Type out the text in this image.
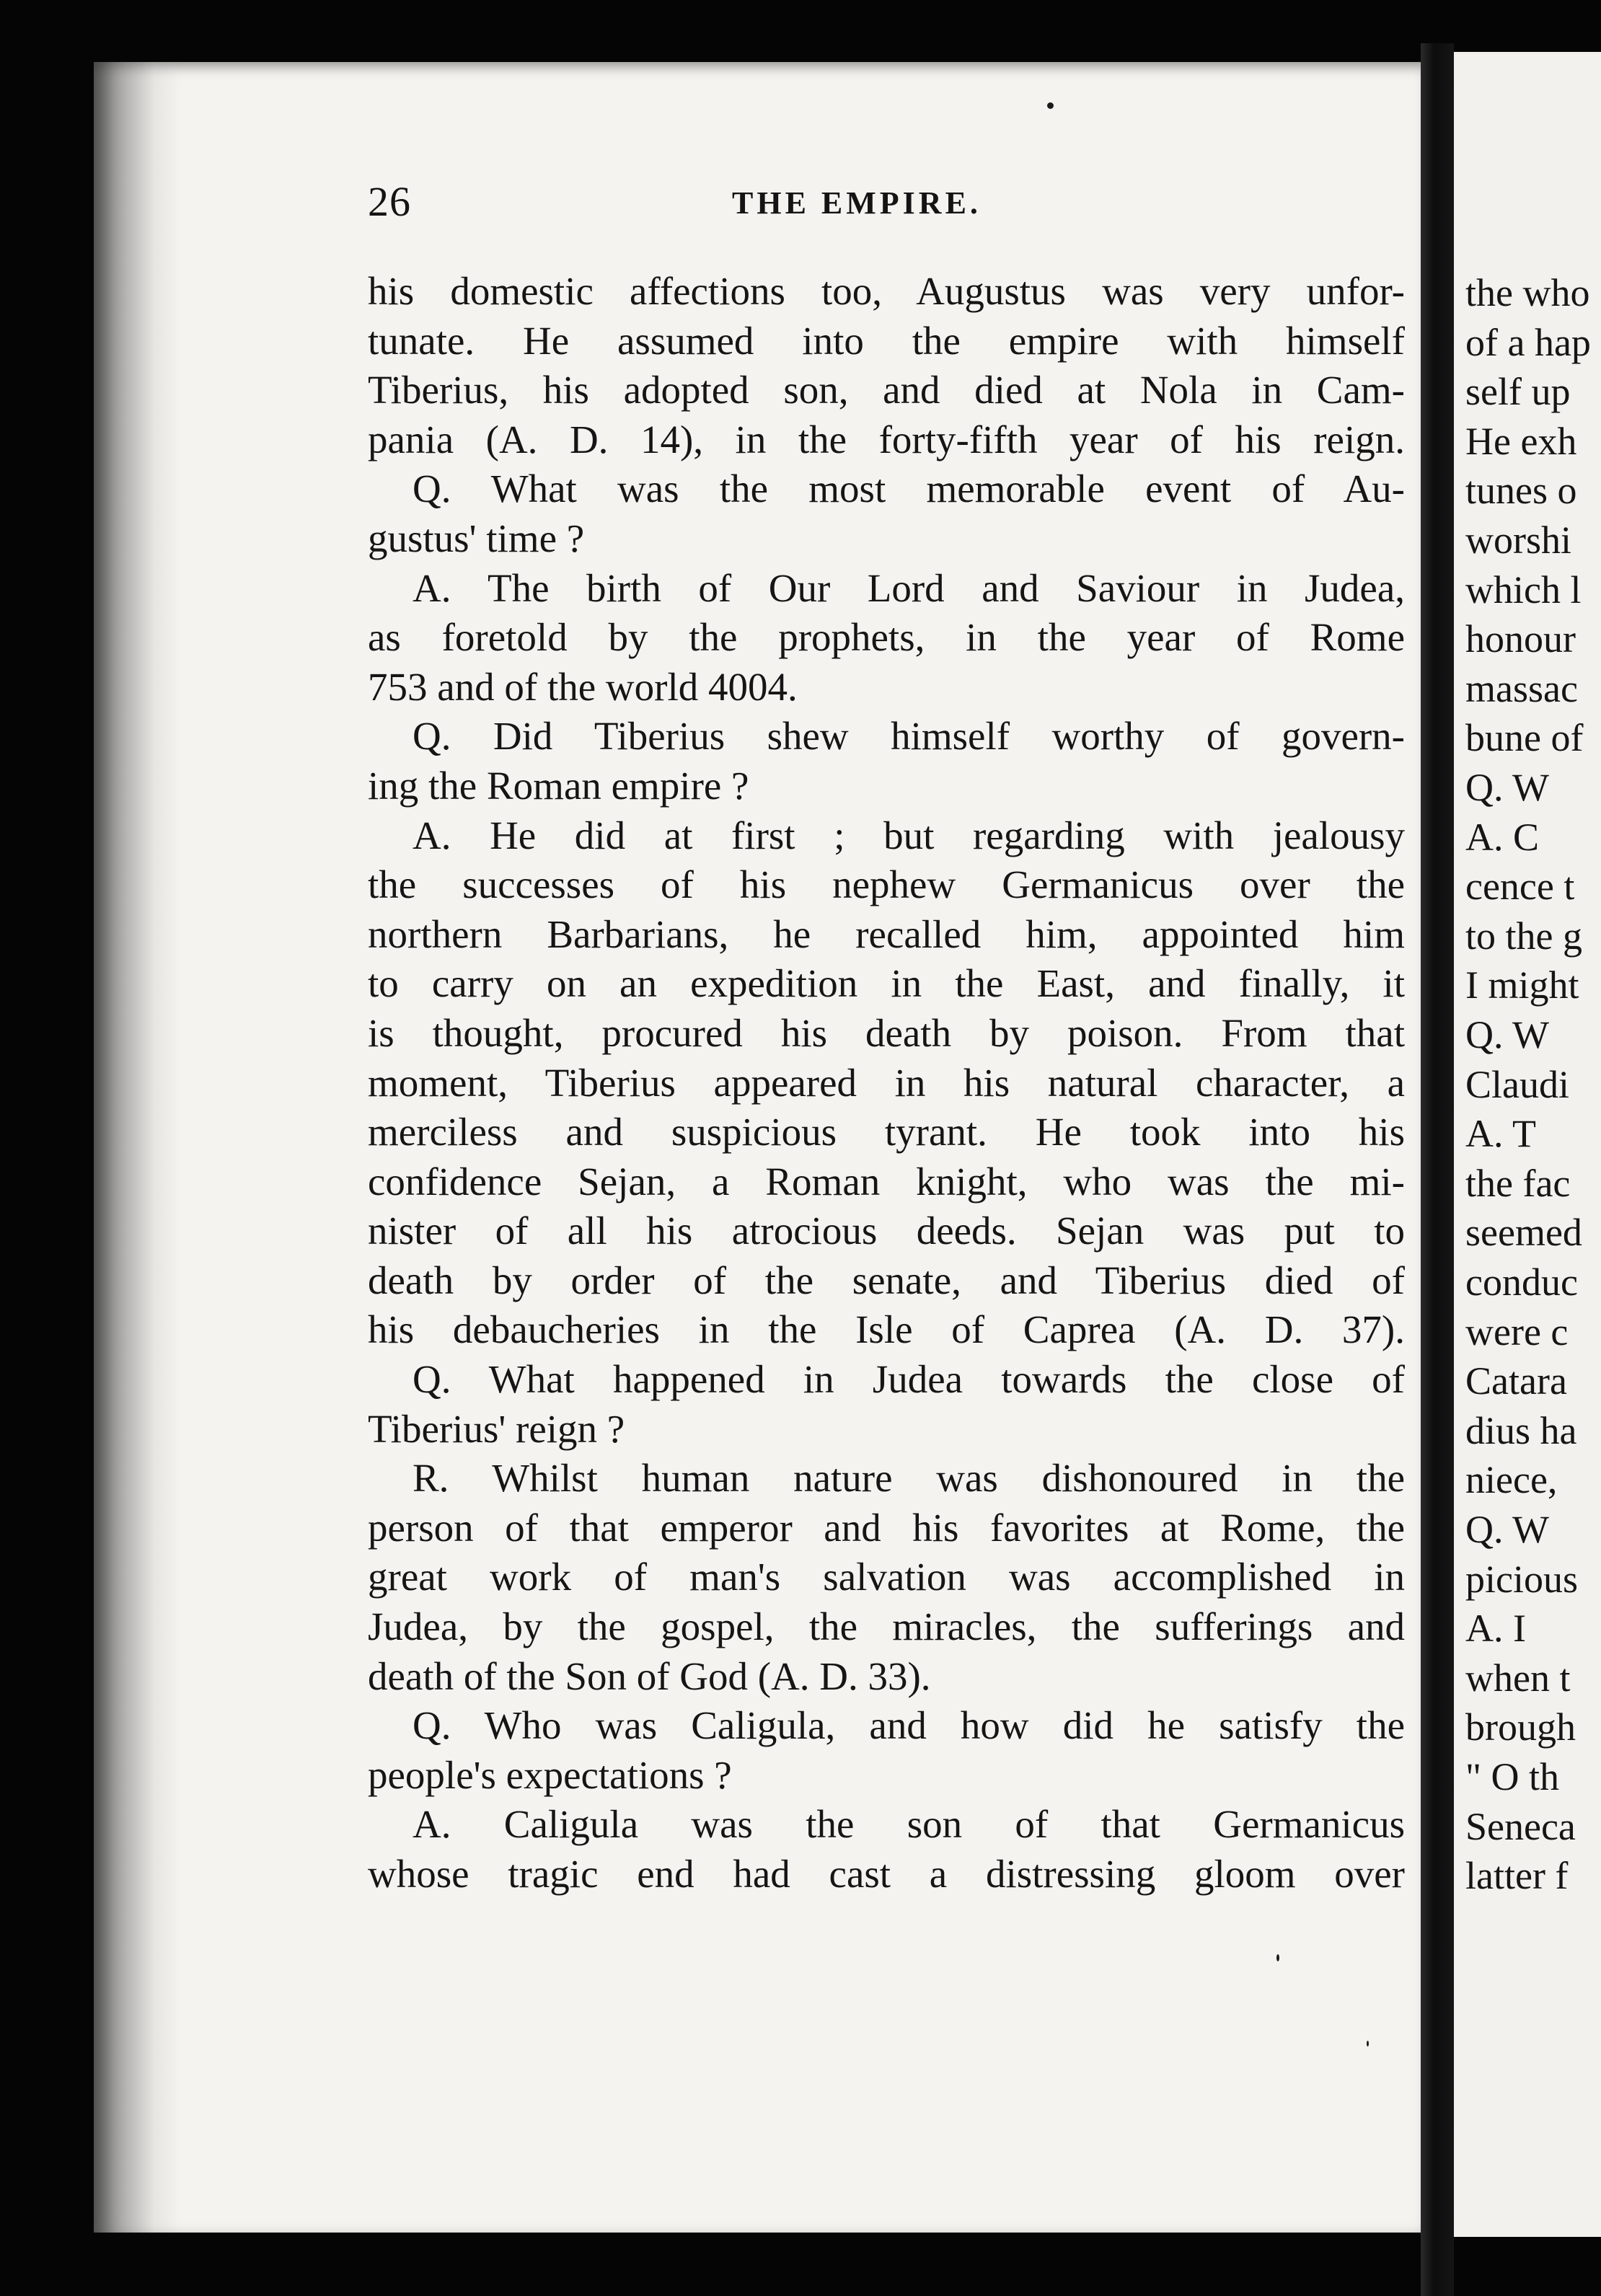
the who
of a hap
self up
He exh
tunes o
worshi
which l
honour
massac
bune of
Q. W
A. C
cence t
to the g
I might
Q. W
Claudi
A. T
the fac
seemed
conduc
were c
Catara
dius ha
niece,
Q. W
picious
A. I
when t
brough
" O th
Seneca
latter f
26	THE EMPIRE.
his domestic affections too, Augustus was very unfor-
tunate. He assumed into the empire with himself
Tiberius, his adopted son, and died at Nola in Cam-
pania (A. D. 14), in the forty-fifth year of his reign.
Q. What was the most memorable event of Au-
gustus' time ?
A. The birth of Our Lord and Saviour in Judea,
as foretold by the prophets, in the year of Rome
753 and of the world 4004.
Q. Did Tiberius shew himself worthy of govern-
ing the Roman empire ?
A. He did at first ; but regarding with jealousy
the successes of his nephew Germanicus over the
northern Barbarians, he recalled him, appointed him
to carry on an expedition in the East, and finally, it
is thought, procured his death by poison. From that
moment, Tiberius appeared in his natural character, a
merciless and suspicious tyrant. He took into his
confidence Sejan, a Roman knight, who was the mi-
nister of all his atrocious deeds. Sejan was put to
death by order of the senate, and Tiberius died of
his debaucheries in the Isle of Caprea (A. D. 37).
Q. What happened in Judea towards the close of
Tiberius' reign ?
R. Whilst human nature was dishonoured in the
person of that emperor and his favorites at Rome, the
great work of man's salvation was accomplished in
Judea, by the gospel, the miracles, the sufferings and
death of the Son of God (A. D. 33).
Q. Who was Caligula, and how did he satisfy the
people's expectations ?
A. Caligula was the son of that Germanicus
whose tragic end had cast a distressing gloom over
